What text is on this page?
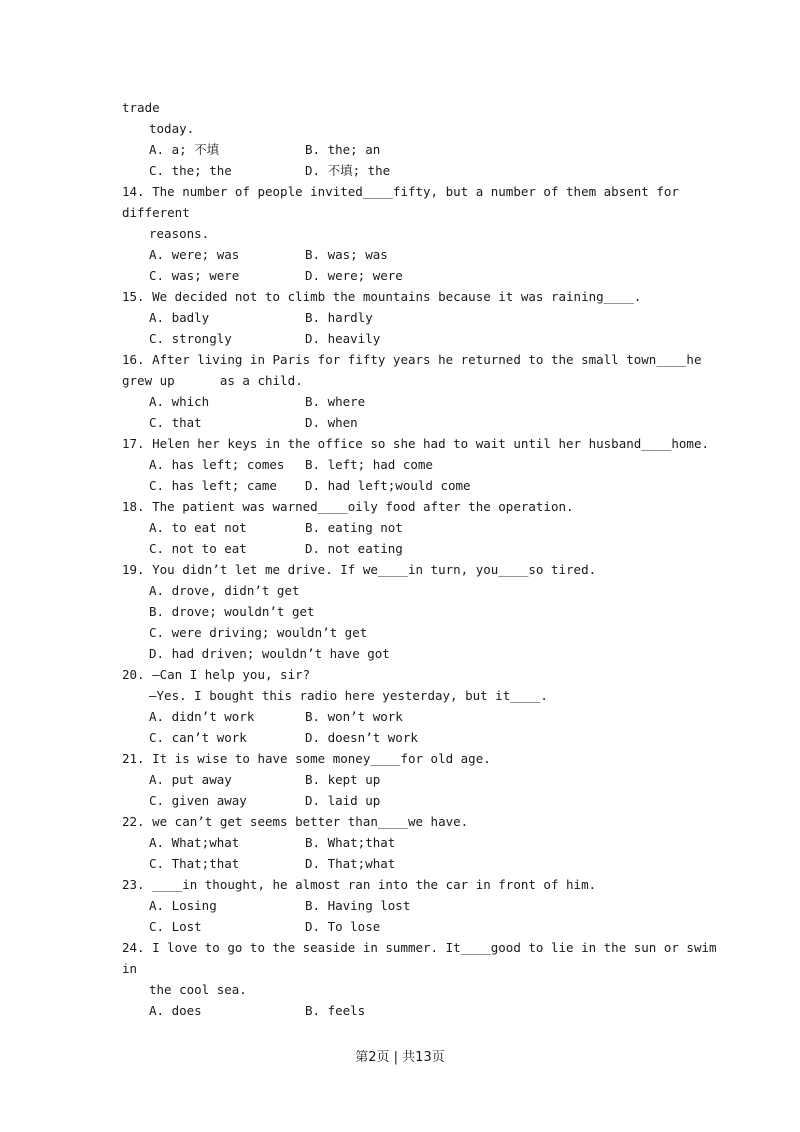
trade
today.
A. a; 不填	B. the; an
C. the; the	D. 不填; the
14. The number of people invited____fifty, but a number of them absent for
different
reasons.
A. were; was	B. was; was
C. was; were	D. were; were
15. We decided not to climb the mountains because it was raining____.
A. badly	B. hardly
C. strongly	D. heavily
16. After living in Paris for fifty years he returned to the small town____he
grew up      as a child.
A. which	B. where
C. that	D. when
17. Helen her keys in the office so she had to wait until her husband____home.
A. has left; comes B. left; had come
C. has left; came D. had left;would come
18. The patient was warned____oily food after the operation.
A. to eat not	B. eating not
C. not to eat	D. not eating
19. You didn’t let me drive. If we____in turn, you____so tired.
A. drove, didn’t get
B. drove; wouldn’t get
C. were driving; wouldn’t get
D. had driven; wouldn’t have got
20. —Can I help you, sir?
—Yes. I bought this radio here yesterday, but it____.
A. didn’t work	B. won’t work
C. can’t work	D. doesn’t work
21. It is wise to have some money____for old age.
A. put away	B. kept up
C. given away	D. laid up
22. we can’t get seems better than____we have.
A. What;what	B. What;that
C. That;that	D. That;what
23. ____in thought, he almost ran into the car in front of him.
A. Losing	B. Having lost
C. Lost	D. To lose
24. I love to go to the seaside in summer. It____good to lie in the sun or swim
in
the cool sea.
A. does	B. feels
第2页 | 共13页
